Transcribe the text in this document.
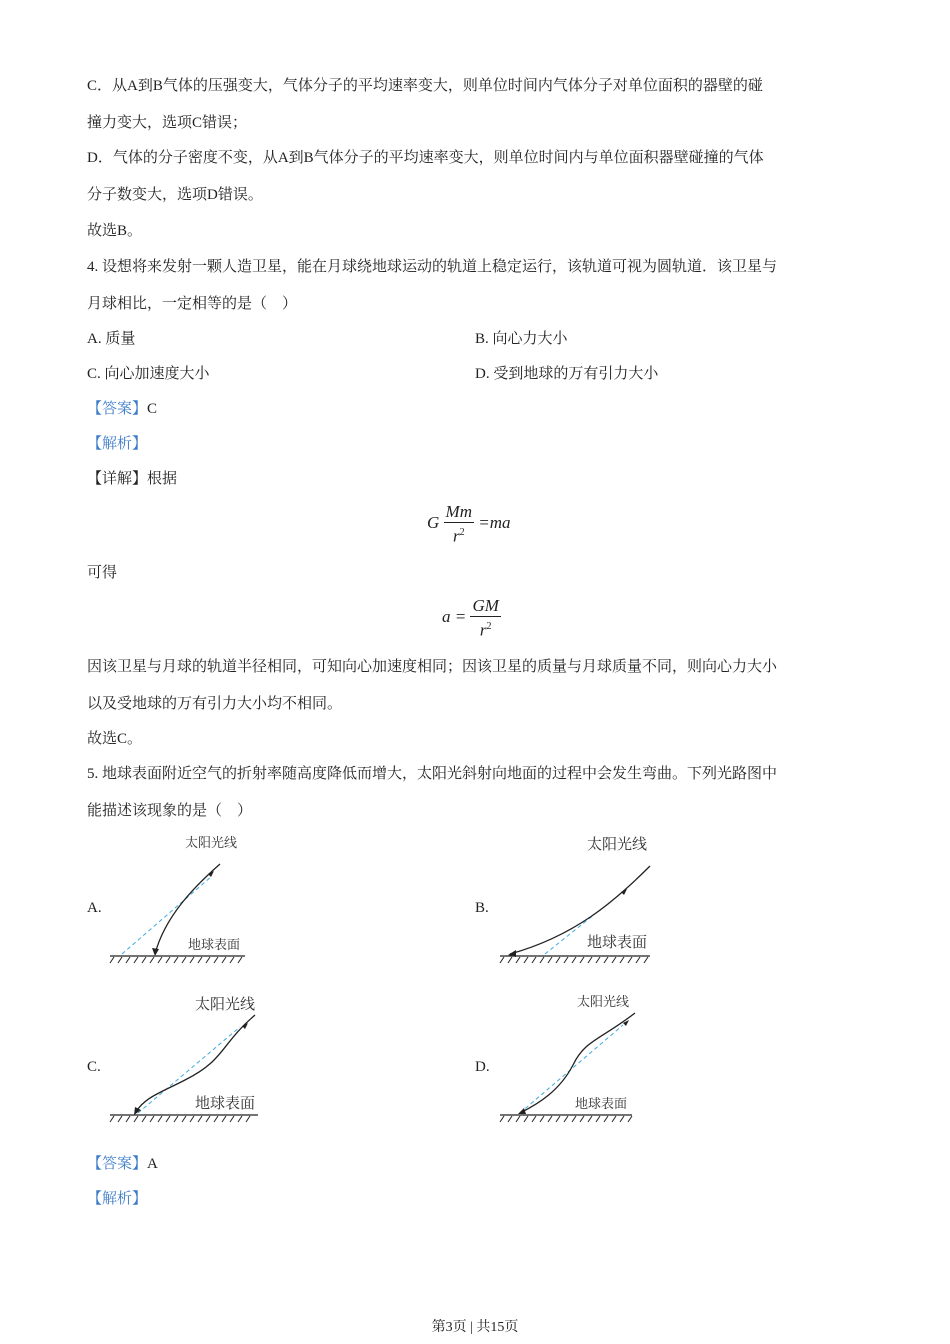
C．从A到B气体的压强变大，气体分子的平均速率变大，则单位时间内气体分子对单位面积的器壁的碰
撞力变大，选项C错误；
D．气体的分子密度不变，从A到B气体分子的平均速率变大，则单位时间内与单位面积器壁碰撞的气体
分子数变大，选项D错误。
故选B。
4. 设想将来发射一颗人造卫星，能在月球绕地球运动的轨道上稳定运行，该轨道可视为圆轨道．该卫星与
月球相比，一定相等的是（　）
A. 质量	B. 向心力大小
C. 向心加速度大小	D. 受到地球的万有引力大小
【答案】C
【解析】
【详解】根据
G $\frac{Mm}{r^2} =ma$
可得
$a = \frac{GM}{r^2}$
因该卫星与月球的轨道半径相同，可知向心加速度相同；因该卫星的质量与月球质量不同，则向心力大小
以及受地球的万有引力大小均不相同。
故选C。
5. 地球表面附近空气的折射率随高度降低而增大，太阳光斜射向地面的过程中会发生弯曲。下列光路图中
能描述该现象的是（　）
A.
太阳光线
地球表面
B.
太阳光线
地球表面
C.
太阳光线
地球表面
D.
太阳光线
地球表面
【答案】A
【解析】
第3页 | 共15页
